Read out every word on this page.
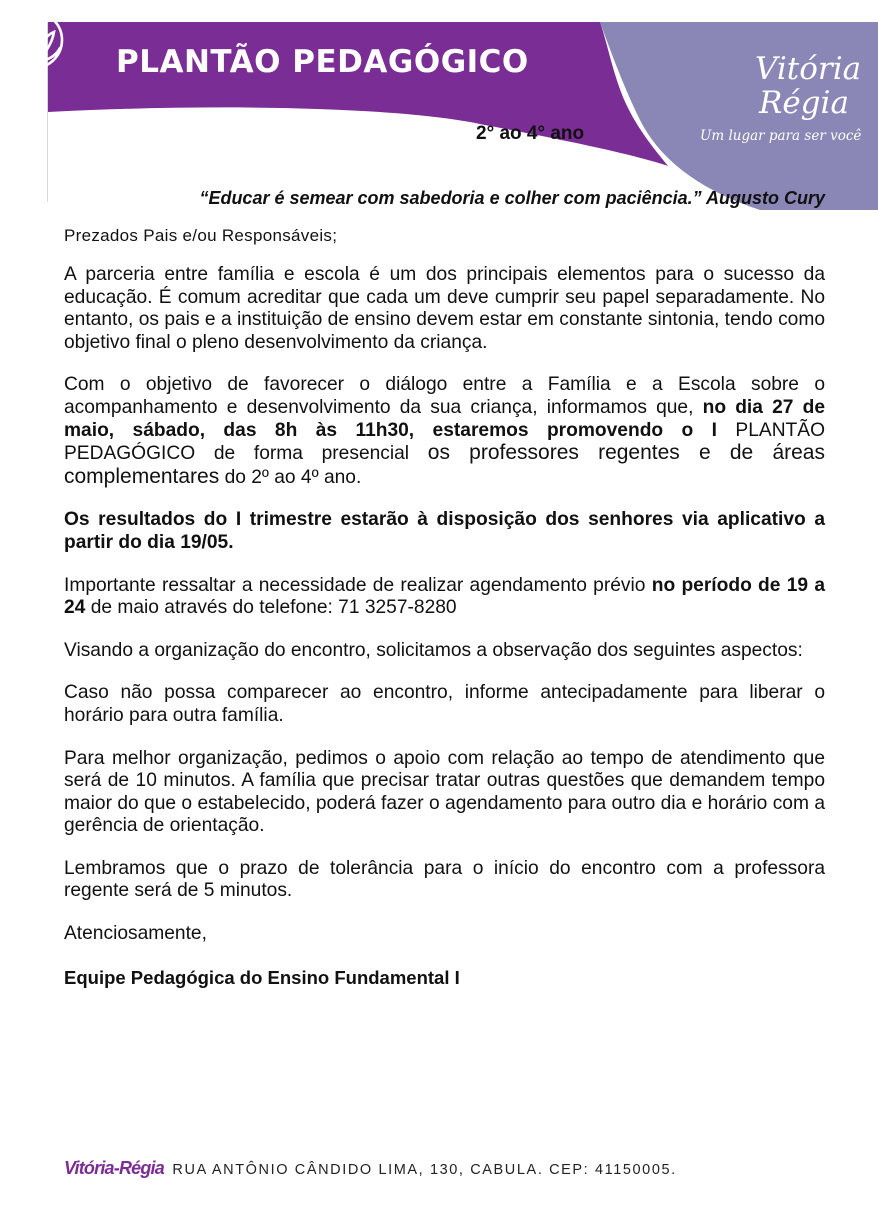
PLANTÃO PEDAGÓGICO	Vitória
Régia
Um lugar para ser você
2° ao 4° ano
“Educar é semear com sabedoria e colher com paciência.” Augusto Cury
Prezados Pais e/ou Responsáveis;

A parceria entre família e escola é um dos principais elementos para o sucesso da educação. É comum acreditar que cada um deve cumprir seu papel separadamente. No entanto, os pais e a instituição de ensino devem estar em constante sintonia, tendo como objetivo final o pleno desenvolvimento da criança.

Com o objetivo de favorecer o diálogo entre a Família e a Escola sobre o acompanhamento e desenvolvimento da sua criança, informamos que, no dia 27 de maio, sábado, das 8h às 11h30, estaremos promovendo o I PLANTÃO PEDAGÓGICO de forma presencial os professores regentes e de áreas complementares do 2º ao 4º ano.

Os resultados do I trimestre estarão à disposição dos senhores via aplicativo a partir do dia 19/05.

Importante ressaltar a necessidade de realizar agendamento prévio no período de 19 a 24 de maio através do telefone: 71 3257-8280

Visando a organização do encontro, solicitamos a observação dos seguintes aspectos:

Caso não possa comparecer ao encontro, informe antecipadamente para liberar o horário para outra família.

Para melhor organização, pedimos o apoio com relação ao tempo de atendimento que será de 10 minutos. A família que precisar tratar outras questões que demandem tempo maior do que o estabelecido, poderá fazer o agendamento para outro dia e horário com a gerência de orientação.

Lembramos que o prazo de tolerância para o início do encontro com a professora regente será de 5 minutos.

Atenciosamente,
Equipe Pedagógica do Ensino Fundamental I
Vitória-Régia RUA ANTÔNIO CÂNDIDO LIMA, 130, CABULA. CEP: 41150005.
